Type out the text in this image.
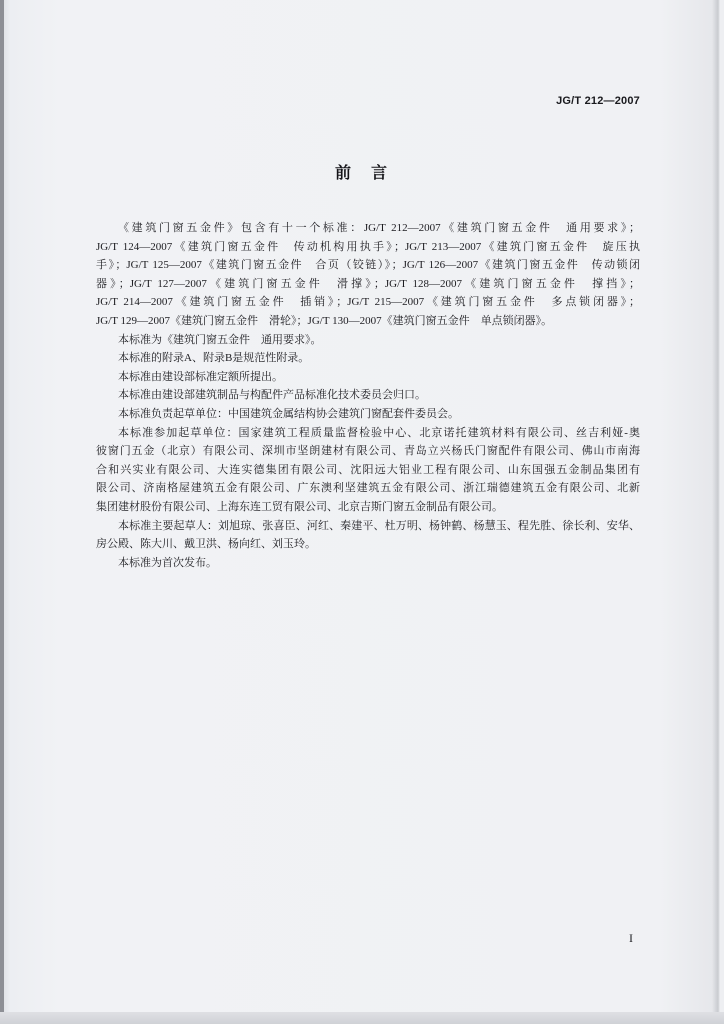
JG/T 212—2007
前　言
《建筑门窗五金件》包含有十一个标准：JG/T 212—2007《建筑门窗五金件　通用要求》；
JG/T 124—2007《建筑门窗五金件　传动机构用执手》；JG/T 213—2007《建筑门窗五金件　旋压执
手》；JG/T 125—2007《建筑门窗五金件　合页（铰链）》；JG/T 126—2007《建筑门窗五金件　传动锁闭
器》；JG/T 127—2007《建筑门窗五金件　滑撑》；JG/T 128—2007《建筑门窗五金件　撑挡》；
JG/T 214—2007《建筑门窗五金件　插销》；JG/T 215—2007《建筑门窗五金件　多点锁闭器》；
JG/T 129—2007《建筑门窗五金件　滑轮》；JG/T 130—2007《建筑门窗五金件　单点锁闭器》。
本标准为《建筑门窗五金件　通用要求》。
本标准的附录A、附录B是规范性附录。
本标准由建设部标准定额所提出。
本标准由建设部建筑制品与构配件产品标准化技术委员会归口。
本标准负责起草单位：中国建筑金属结构协会建筑门窗配套件委员会。
本标准参加起草单位：国家建筑工程质量监督检验中心、北京诺托建筑材料有限公司、丝吉利娅-奥
彼窗门五金（北京）有限公司、深圳市坚朗建材有限公司、青岛立兴杨氏门窗配件有限公司、佛山市南海
合和兴实业有限公司、大连实德集团有限公司、沈阳远大铝业工程有限公司、山东国强五金制品集团有
限公司、济南格屋建筑五金有限公司、广东澳利坚建筑五金有限公司、浙江瑞德建筑五金有限公司、北新
集团建材股份有限公司、上海东连工贸有限公司、北京吉斯门窗五金制品有限公司。
本标准主要起草人：刘旭琼、张喜臣、河红、秦建平、杜万明、杨钟鹤、杨慧玉、程先胜、徐长利、安华、
房公殿、陈大川、戴卫洪、杨向红、刘玉玲。
本标准为首次发布。
I
